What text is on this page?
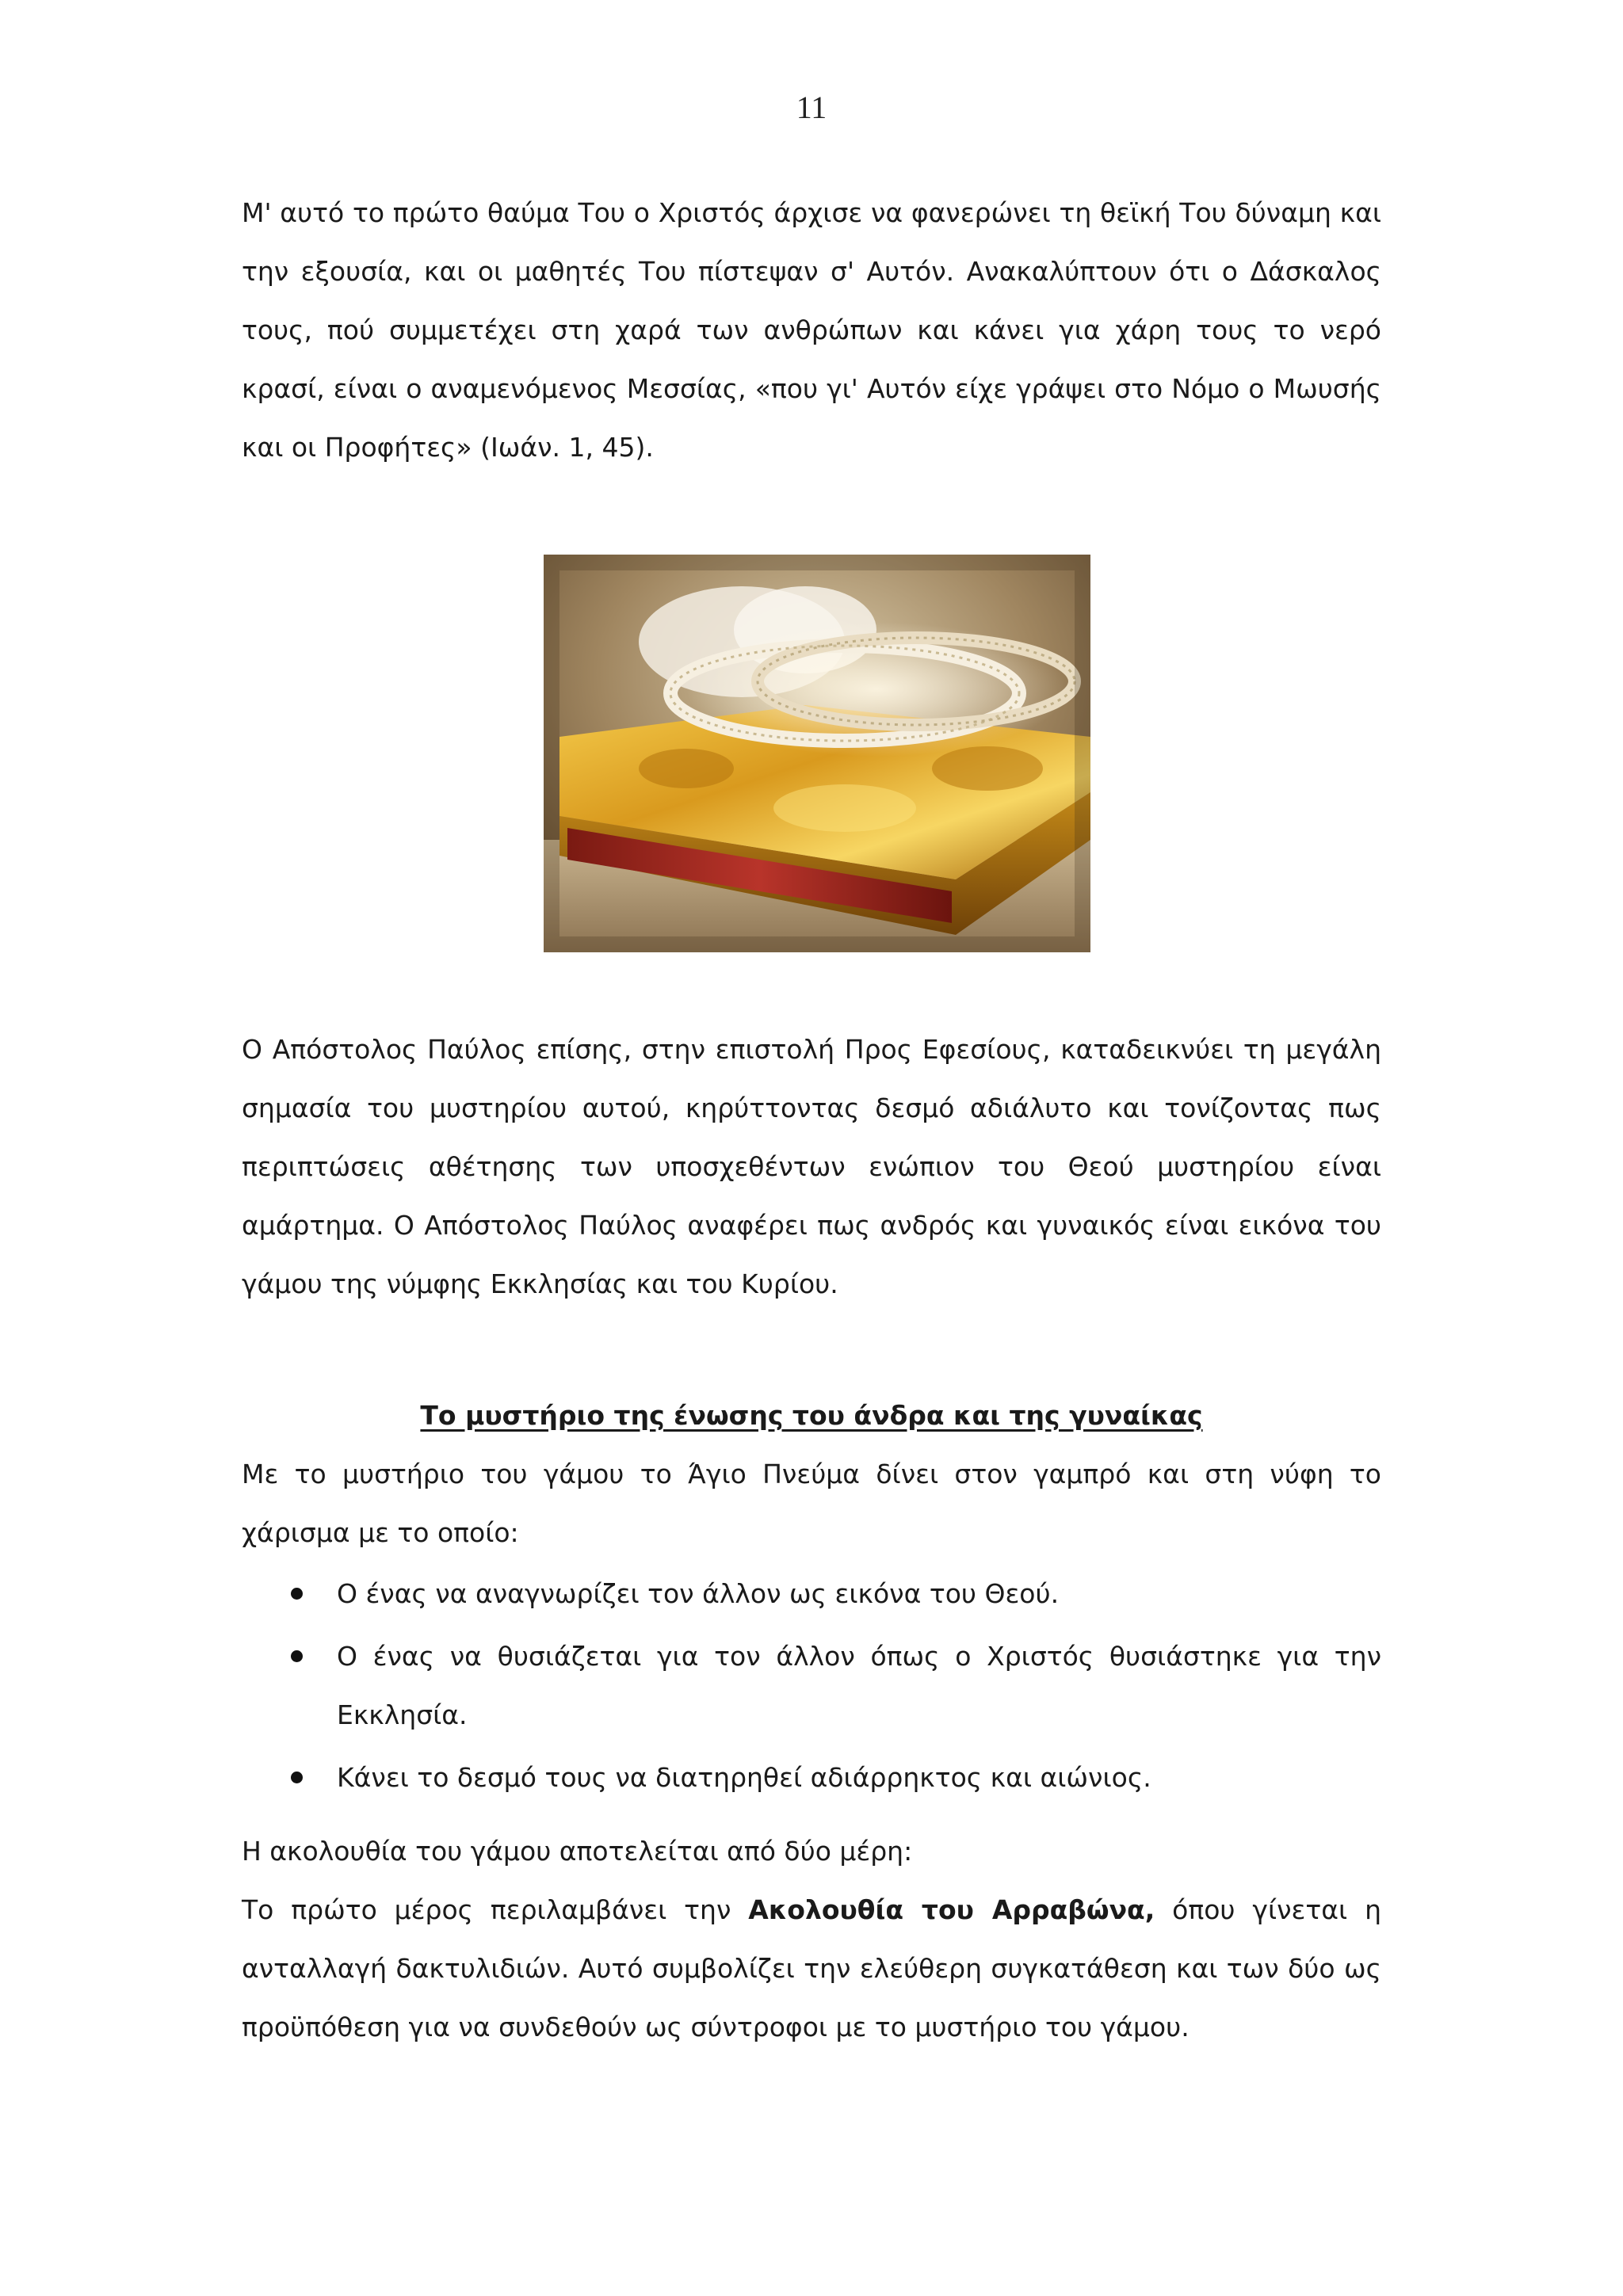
11
Μ' αυτό το πρώτο θαύμα Του ο Χριστός άρχισε να φανερώνει τη θεϊκή Του δύναμη και την εξουσία, και οι μαθητές Του πίστεψαν σ' Αυτόν. Ανακαλύπτουν ότι ο Δάσκαλος τους, πού συμμετέχει στη χαρά των ανθρώπων και κάνει για χάρη τους το νερό κρασί, είναι ο αναμενόμενος Μεσσίας, «που γι' Αυτόν είχε γράψει στο Νόμο ο Μωυσής και οι Προφήτες» (Ιωάν. 1, 45).
Ο Απόστολος Παύλος επίσης, στην επιστολή Προς Εφεσίους, καταδεικνύει τη μεγάλη σημασία του μυστηρίου αυτού, κηρύττοντας δεσμό αδιάλυτο και τονίζοντας πως περιπτώσεις αθέτησης των υποσχεθέντων ενώπιον του Θεού μυστηρίου είναι αμάρτημα. Ο Απόστολος Παύλος αναφέρει πως ανδρός και γυναικός είναι εικόνα του γάμου της νύμφης Εκκλησίας και του Κυρίου.
Το μυστήριο της ένωσης του άνδρα και της γυναίκας
Με το μυστήριο του γάμου το Άγιο Πνεύμα δίνει στον γαμπρό και στη νύφη το χάρισμα με το οποίο:
Ο ένας να αναγνωρίζει τον άλλον ως εικόνα του Θεού.
Ο ένας να θυσιάζεται για τον άλλον όπως ο Χριστός θυσιάστηκε για την Εκκλησία.
Κάνει το δεσμό τους να διατηρηθεί αδιάρρηκτος και αιώνιος.
Η ακολουθία του γάμου αποτελείται από δύο μέρη:
Το πρώτο μέρος περιλαμβάνει την Ακολουθία του Αρραβώνα, όπου γίνεται η ανταλλαγή δακτυλιδιών. Αυτό συμβολίζει την ελεύθερη συγκατάθεση και των δύο ως προϋπόθεση για να συνδεθούν ως σύντροφοι με το μυστήριο του γάμου.
